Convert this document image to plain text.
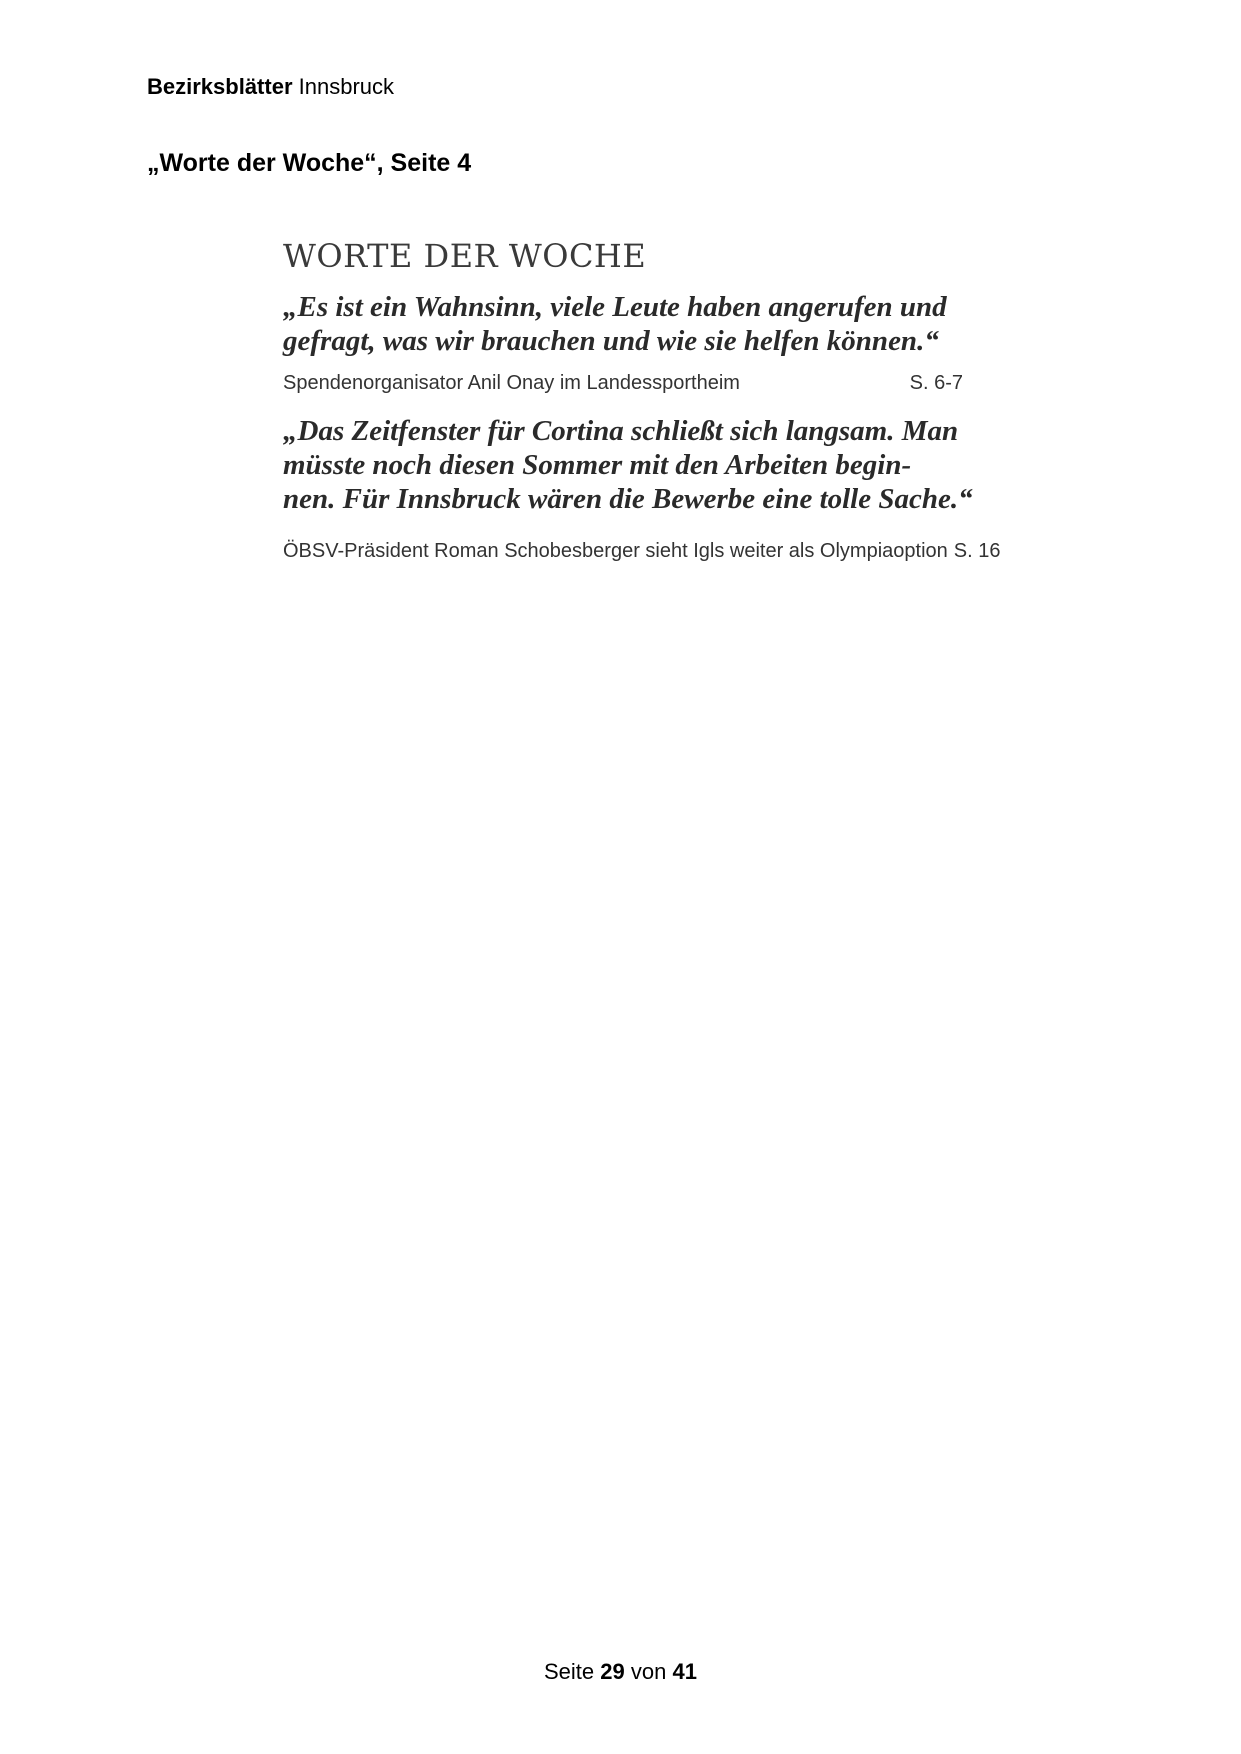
Bezirksblätter Innsbruck
„Worte der Woche“, Seite 4
WORTE DER WOCHE

„Es ist ein Wahnsinn, viele Leute haben angerufen und
gefragt, was wir brauchen und wie sie helfen können.“

Spendenorganisator Anil Onay im Landessportheim	S. 6-7

„Das Zeitfenster für Cortina schließt sich langsam. Man
müsste noch diesen Sommer mit den Arbeiten begin-
nen. Für Innsbruck wären die Bewerbe eine tolle Sache.“

ÖBSV-Präsident Roman Schobesberger sieht Igls weiter als Olympiaoption S. 16
Seite 29 von 41
